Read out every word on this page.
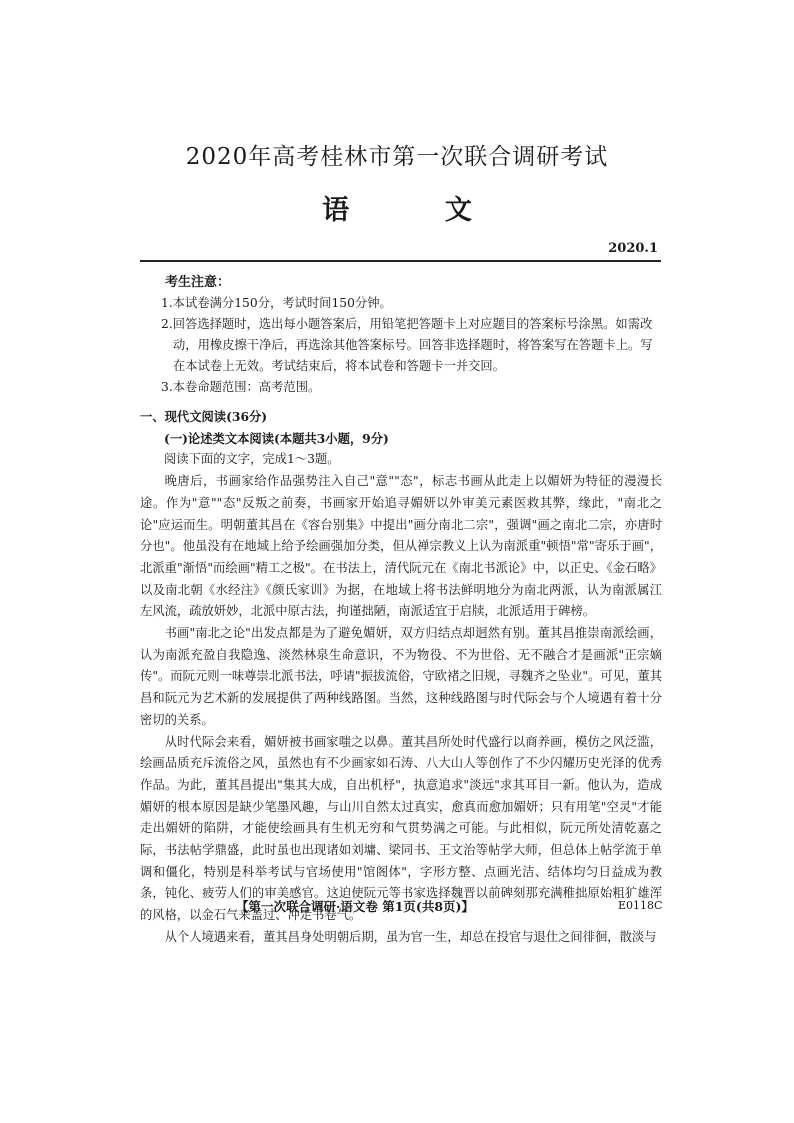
2020年高考桂林市第一次联合调研考试
语 文
2020.1
考生注意：
1.本试卷满分150分，考试时间150分钟。
2.回答选择题时，选出每小题答案后，用铅笔把答题卡上对应题目的答案标号涂黑。如需改动，用橡皮擦干净后，再选涂其他答案标号。回答非选择题时，将答案写在答题卡上。写在本试卷上无效。考试结束后，将本试卷和答题卡一并交回。
3.本卷命题范围：高考范围。
一、现代文阅读(36分)
(一)论述类文本阅读(本题共3小题，9分)
阅读下面的文字，完成1～3题。
晚唐后，书画家给作品强势注入自己"意""态"，标志书画从此走上以媚妍为特征的漫漫长途。作为"意""态"反叛之前奏，书画家开始追寻媚妍以外审美元素医救其弊，缘此，"南北之论"应运而生。明朝董其昌在《容台别集》中提出"画分南北二宗"，强调"画之南北二宗，亦唐时分也"。他虽没有在地域上给予绘画强加分类，但从禅宗教义上认为南派重"顿悟"常"寄乐于画"，北派重"渐悟"而绘画"精工之极"。在书法上，清代阮元在《南北书派论》中，以正史、《金石略》以及南北朝《水经注》《颜氏家训》为据，在地域上将书法鲜明地分为南北两派，认为南派属江左风流，疏放妍妙，北派中原古法，拘谨拙陋，南派适宜于启牍，北派适用于碑榜。
书画"南北之论"出发点都是为了避免媚妍，双方归结点却迥然有别。董其昌推崇南派绘画，认为南派充盈自我隐逸、淡然林泉生命意识，不为物役、不为世俗、无不融合才是画派"正宗嫡传"。而阮元则一味尊崇北派书法，呼请"振拔流俗，守欧褚之旧规，寻魏齐之坠业"。可见，董其昌和阮元为艺术新的发展提供了两种线路图。当然，这种线路图与时代际会与个人境遇有着十分密切的关系。
从时代际会来看，媚妍被书画家嗤之以鼻。董其昌所处时代盛行以商养画，模仿之风泛滥，绘画品质充斥流俗之风，虽然也有不少画家如石涛、八大山人等创作了不少闪耀历史光泽的优秀作品。为此，董其昌提出"集其大成，自出机杼"，执意追求"淡远"求其耳目一新。他认为，造成媚妍的根本原因是缺少笔墨风趣，与山川自然太过真实，愈真而愈加媚妍；只有用笔"空灵"才能走出媚妍的陷阱，才能使绘画具有生机无穷和气贯势满之可能。与此相似，阮元所处清乾嘉之际，书法帖学鼎盛，此时虽也出现诸如刘墉、梁同书、王文治等帖学大师，但总体上帖学流于单调和僵化，特别是科举考试与官场使用"馆阁体"，字形方整、点画光洁、结体均匀日益成为教条，钝化、疲劳人们的审美感官。这迫使阮元等书家选择魏晋以前碑刻那充满稚拙原始粗犷雄浑的风格，以金石气来盖过、冲走书卷气。
从个人境遇来看，董其昌身处明朝后期，虽为官一生，却总在投官与退仕之间徘徊，散淡与
【第一次联合调研·语文卷 第1页(共8页)】	E0118C
